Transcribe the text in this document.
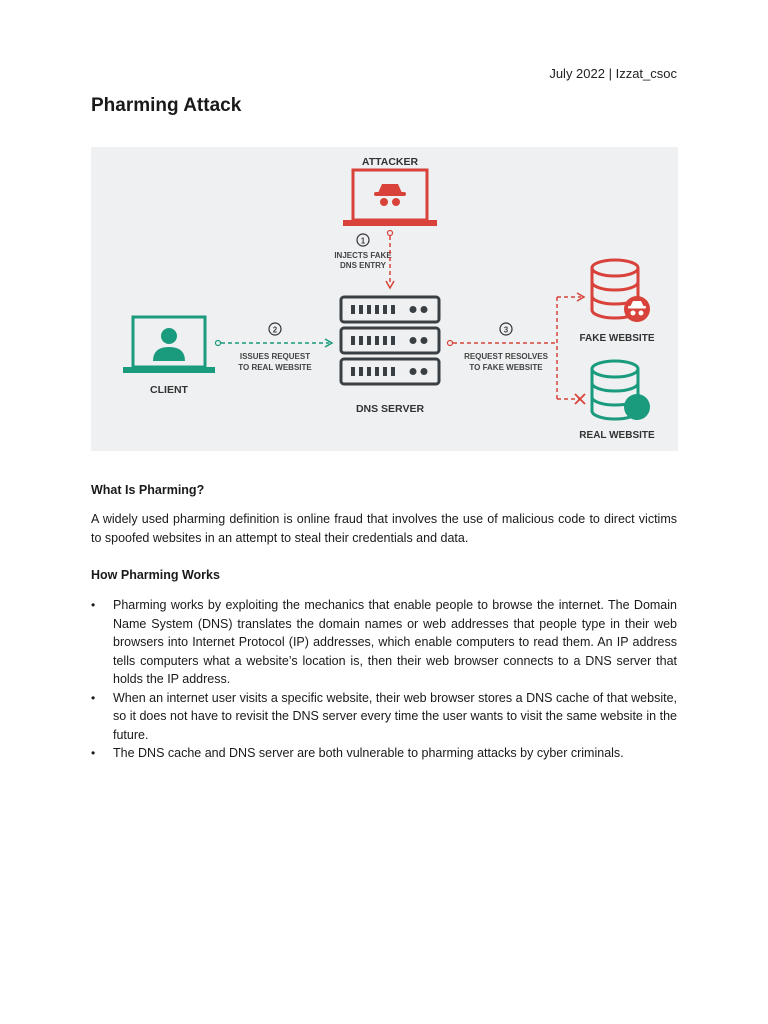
July 2022 | Izzat_csoc
Pharming Attack
ATTACKER
1
INJECTS FAKE
DNS ENTRY
DNS SERVER
CLIENT
2
ISSUES REQUEST
TO REAL WEBSITE
3
REQUEST RESOLVES
TO FAKE WEBSITE
FAKE WEBSITE
REAL WEBSITE
What Is Pharming?

A widely used pharming definition is online fraud that involves the use of malicious code to direct victims to spoofed websites in an attempt to steal their credentials and data.

How Pharming Works
• Pharming works by exploiting the mechanics that enable people to browse the internet. The Domain Name System (DNS) translates the domain names or web addresses that people type in their web browsers into Internet Protocol (IP) addresses, which enable computers to read them. An IP address tells computers what a website’s location is, then their web browser connects to a DNS server that holds the IP address.
• When an internet user visits a specific website, their web browser stores a DNS cache of that website, so it does not have to revisit the DNS server every time the user wants to visit the same website in the future.
• The DNS cache and DNS server are both vulnerable to pharming attacks by cyber criminals.
